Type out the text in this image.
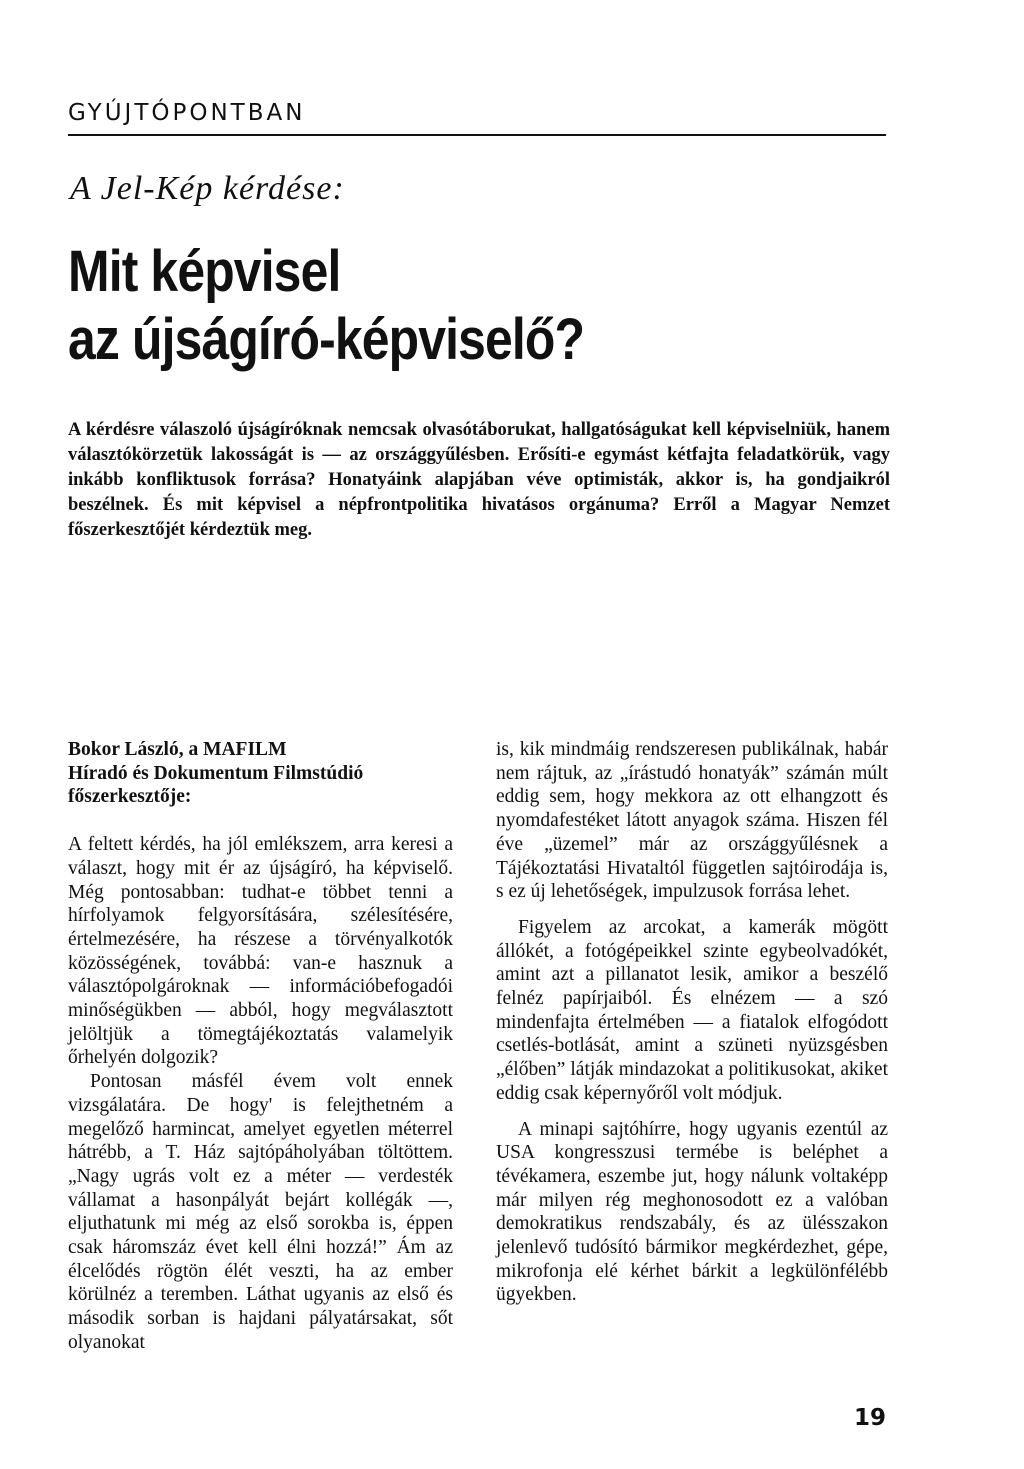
GYÚJTÓPONTBAN
A Jel-Kép kérdése:
Mit képvisel
az újságíró-képviselő?
A kérdésre válaszoló újságíróknak nemcsak olvasótáborukat, hallgatóságukat kell képviselniük, hanem választókörzetük lakosságát is — az országgyűlésben. Erősíti-e egymást kétfajta feladatkörük, vagy inkább konfliktusok forrása? Honatyáink alapjában véve optimisták, akkor is, ha gondjaikról beszélnek. És mit képvisel a népfrontpolitika hivatásos orgánuma? Erről a Magyar Nemzet főszerkesztőjét kérdeztük meg.
Bokor László, a MAFILM
Híradó és Dokumentum Filmstúdió
főszerkesztője:

A feltett kérdés, ha jól emlékszem, arra keresi a választ, hogy mit ér az újságíró, ha képviselő. Még pontosabban: tudhat-e többet tenni a hírfolyamok felgyorsítására, szélesítésére, értelmezésére, ha részese a törvényalkotók közösségének, továbbá: van-e hasznuk a választópolgároknak — információbefogadói minőségükben — abból, hogy megválasztott jelöltjük a tömegtájékoztatás valamelyik őrhelyén dolgozik?

Pontosan másfél évem volt ennek vizsgálatára. De hogy' is felejthetném a megelőző harmincat, amelyet egyetlen méterrel hátrébb, a T. Ház sajtópáholyában töltöttem. „Nagy ugrás volt ez a méter — verdesték vállamat a hasonpályát bejárt kollégák —, eljuthatunk mi még az első sorokba is, éppen csak háromszáz évet kell élni hozzá!” Ám az élcelődés rögtön élét veszti, ha az ember körülnéz a teremben. Láthat ugyanis az első és második sorban is hajdani pályatársakat, sőt olyanokat

is, kik mindmáig rendszeresen publikálnak, habár nem rájtuk, az „írástudó honatyák” számán múlt eddig sem, hogy mekkora az ott elhangzott és nyomdafestéket látott anyagok száma. Hiszen fél éve „üzemel” már az országgyűlésnek a Tájékoztatási Hivataltól független sajtóirodája is, s ez új lehetőségek, impulzusok forrása lehet.

Figyelem az arcokat, a kamerák mögött állókét, a fotógépeikkel szinte egybeolvadókét, amint azt a pillanatot lesik, amikor a beszélő felnéz papírjaiból. És elnézem — a szó mindenfajta értelmében — a fiatalok elfogódott csetlés-botlását, amint a szüneti nyüzsgésben „élőben” látják mindazokat a politikusokat, akiket eddig csak képernyőről volt módjuk.

A minapi sajtóhírre, hogy ugyanis ezentúl az USA kongresszusi termébe is beléphet a tévékamera, eszembe jut, hogy nálunk voltaképp már milyen rég meghonosodott ez a valóban demokratikus rendszabály, és az ülésszakon jelenlevő tudósító bármikor megkérdezhet, gépe, mikrofonja elé kérhet bárkit a legkülönfélébb ügyekben.

19
